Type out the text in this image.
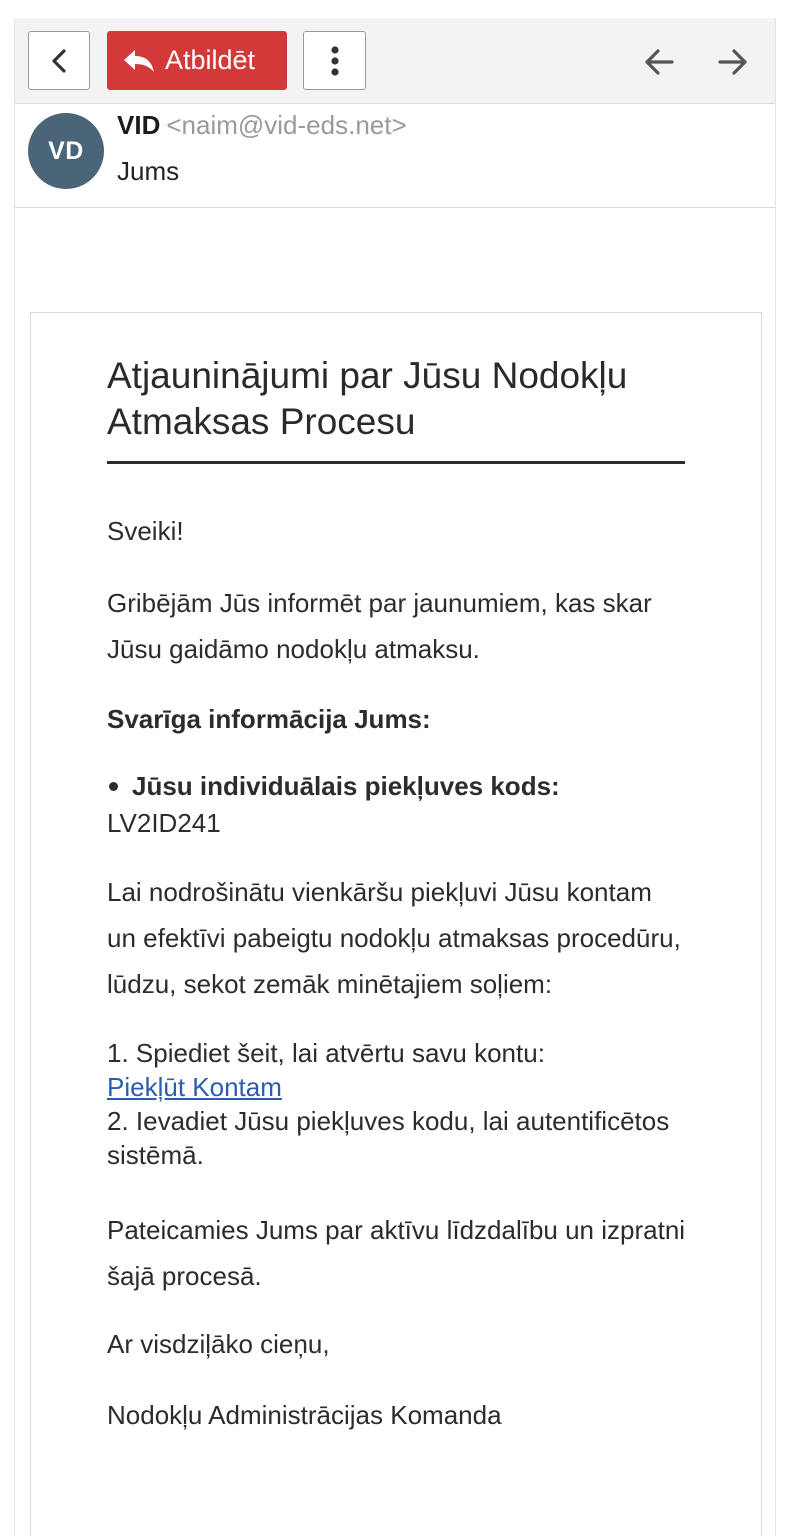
Atbildēt
VD
VID <naim@vid-eds.net>
Jums
Atjauninājumi par Jūsu Nodokļu Atmaksas Procesu
Sveiki!
Gribējām Jūs informēt par jaunumiem, kas skar Jūsu gaidāmo nodokļu atmaksu.
Svarīga informācija Jums:
Jūsu individuālais piekļuves kods:
LV2ID241
Lai nodrošinātu vienkāršu piekļuvi Jūsu kontam un efektīvi pabeigtu nodokļu atmaksas procedūru, lūdzu, sekot zemāk minētajiem soļiem:
1. Spiediet šeit, lai atvērtu savu kontu:
Piekļūt Kontam
2. Ievadiet Jūsu piekļuves kodu, lai autentificētos sistēmā.
Pateicamies Jums par aktīvu līdzdalību un izpratni šajā procesā.
Ar visdziļāko cieņu,
Nodokļu Administrācijas Komanda
